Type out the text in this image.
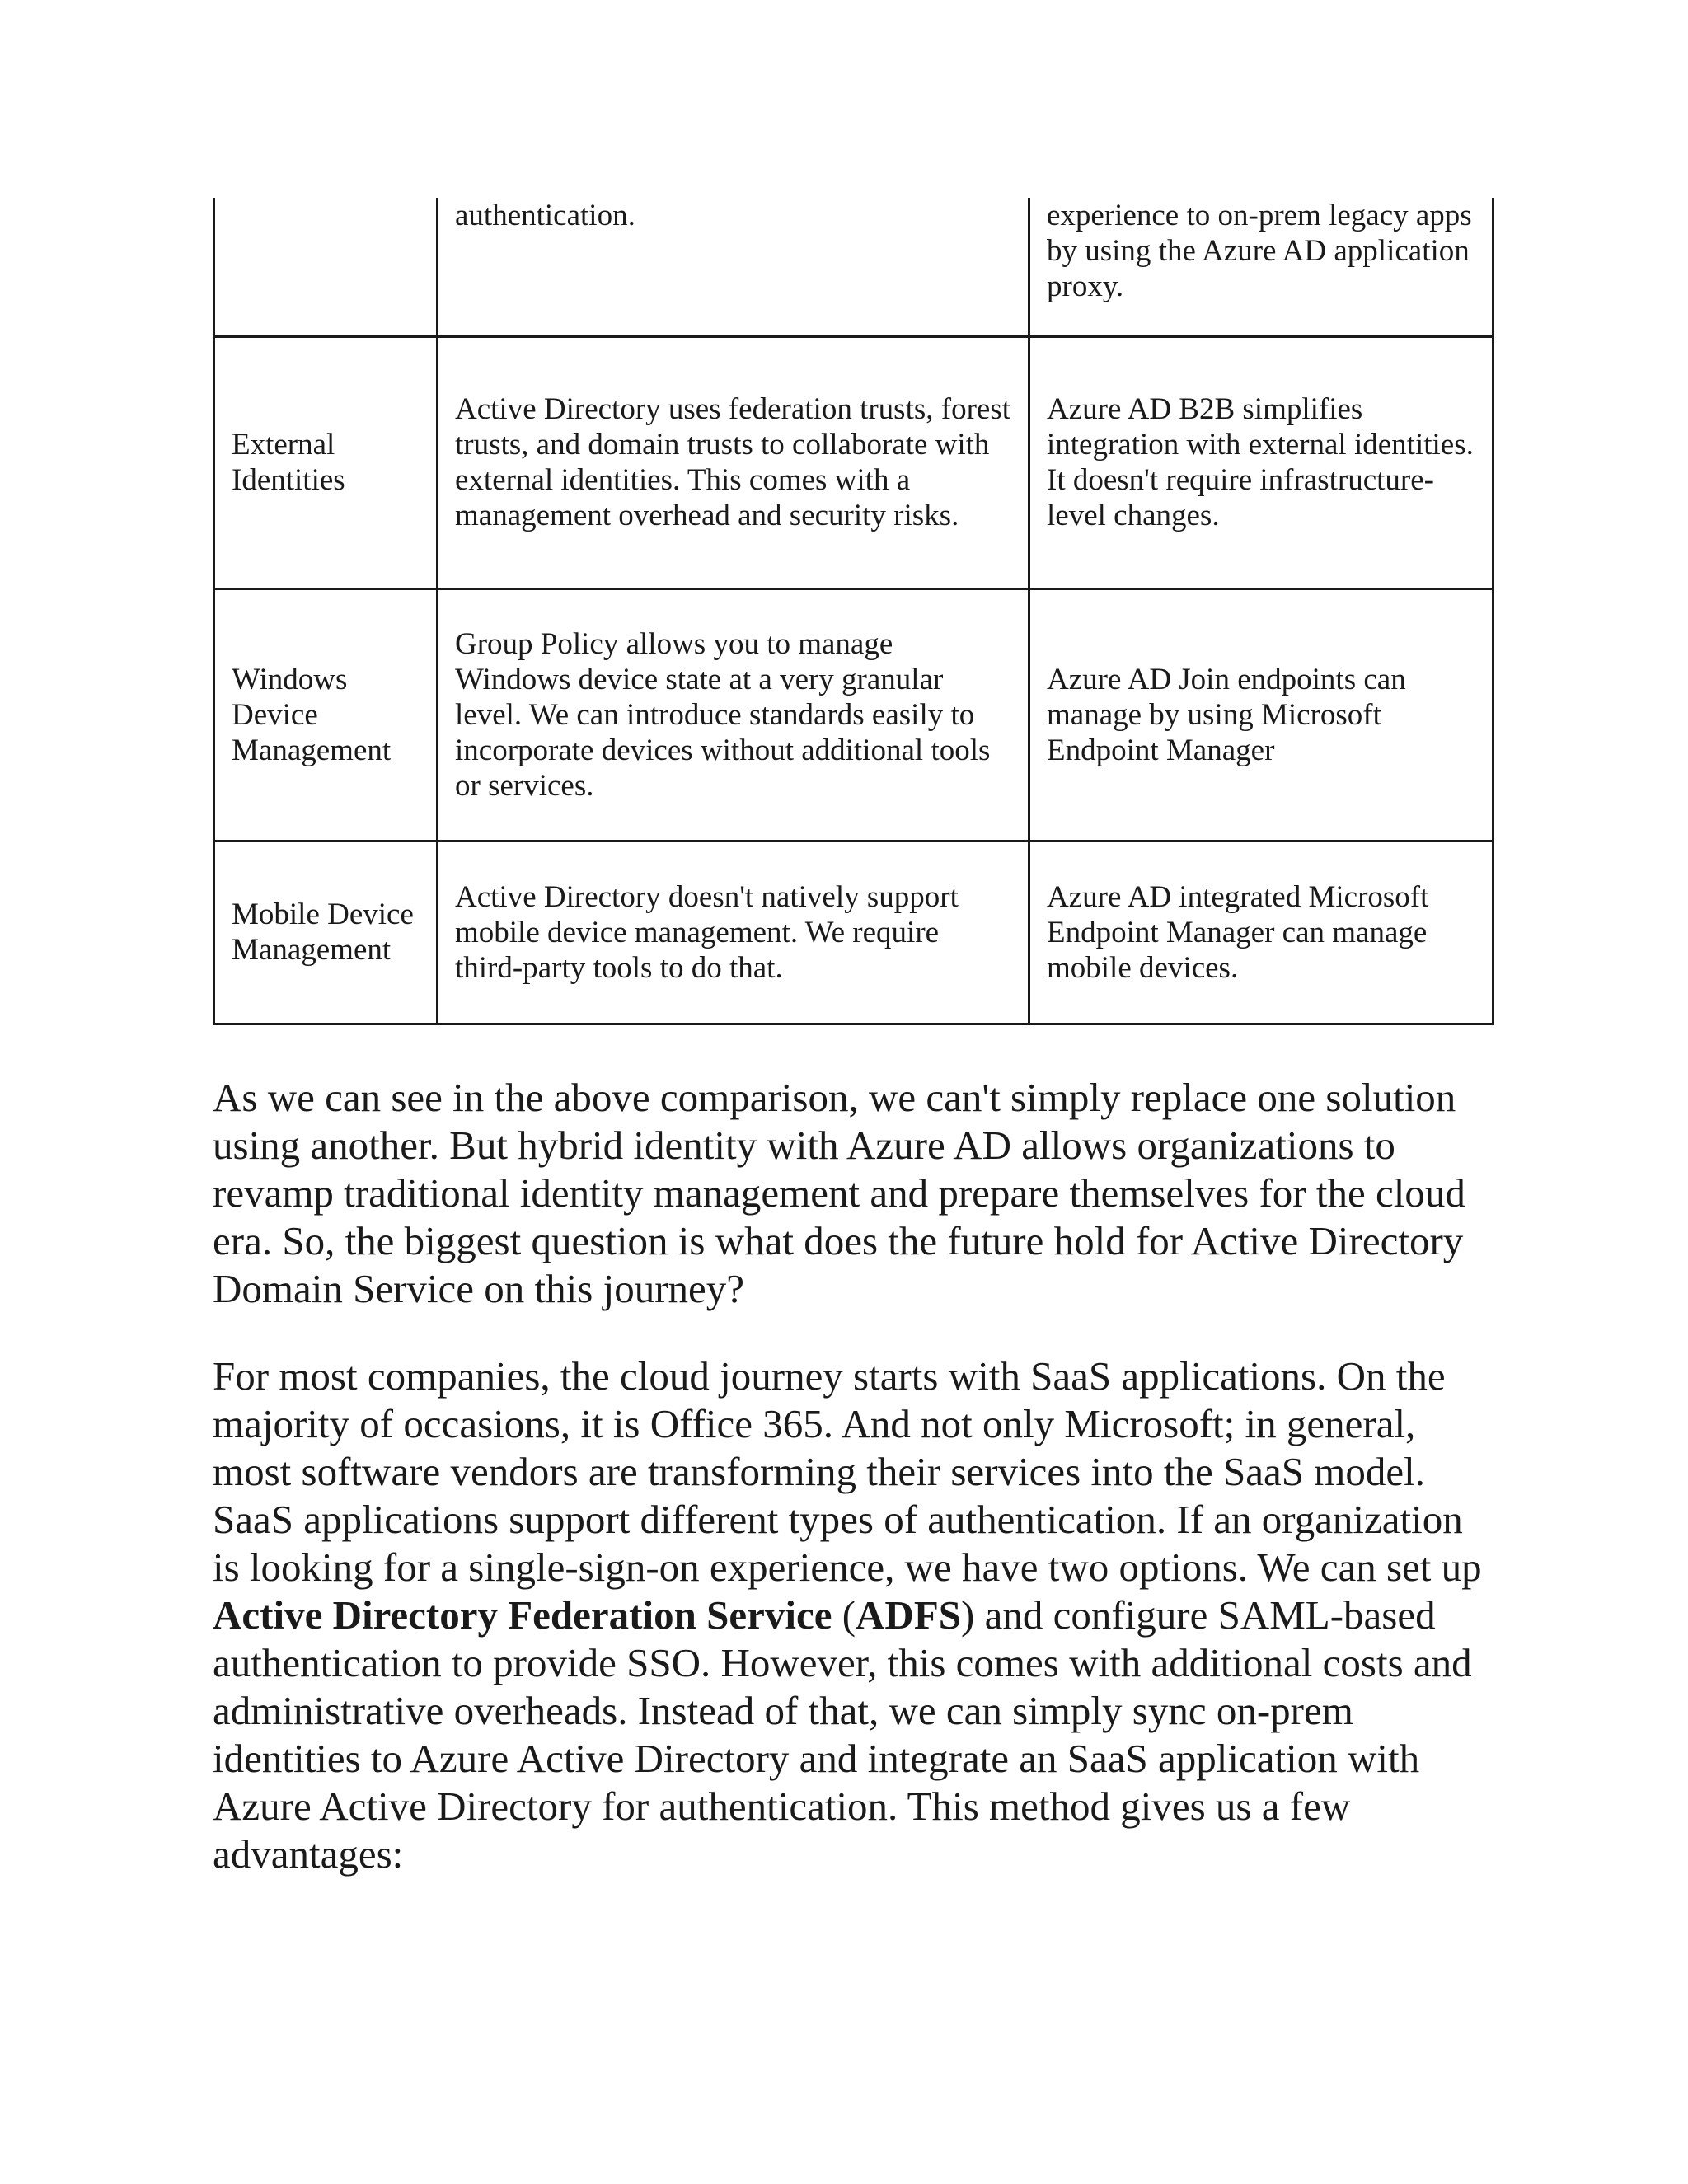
	authentication.	experience to on-prem legacy apps by using the Azure AD application proxy.

External Identities	Active Directory uses federation trusts, forest trusts, and domain trusts to collaborate with external identities. This comes with a management overhead and security risks.	Azure AD B2B simplifies integration with external identities. It doesn't require infrastructure-level changes.

Windows Device Management	Group Policy allows you to manage Windows device state at a very granular level. We can introduce standards easily to incorporate devices without additional tools or services.	Azure AD Join endpoints can manage by using Microsoft Endpoint Manager

Mobile Device Management	Active Directory doesn't natively support mobile device management. We require third-party tools to do that.	Azure AD integrated Microsoft Endpoint Manager can manage mobile devices.

As we can see in the above comparison, we can't simply replace one solution using another. But hybrid identity with Azure AD allows organizations to revamp traditional identity management and prepare themselves for the cloud era. So, the biggest question is what does the future hold for Active Directory Domain Service on this journey?

For most companies, the cloud journey starts with SaaS applications. On the majority of occasions, it is Office 365. And not only Microsoft; in general, most software vendors are transforming their services into the SaaS model. SaaS applications support different types of authentication. If an organization is looking for a single-sign-on experience, we have two options. We can set up Active Directory Federation Service (ADFS) and configure SAML-based authentication to provide SSO. However, this comes with additional costs and administrative overheads. Instead of that, we can simply sync on-prem identities to Azure Active Directory and integrate an SaaS application with Azure Active Directory for authentication. This method gives us a few advantages:
